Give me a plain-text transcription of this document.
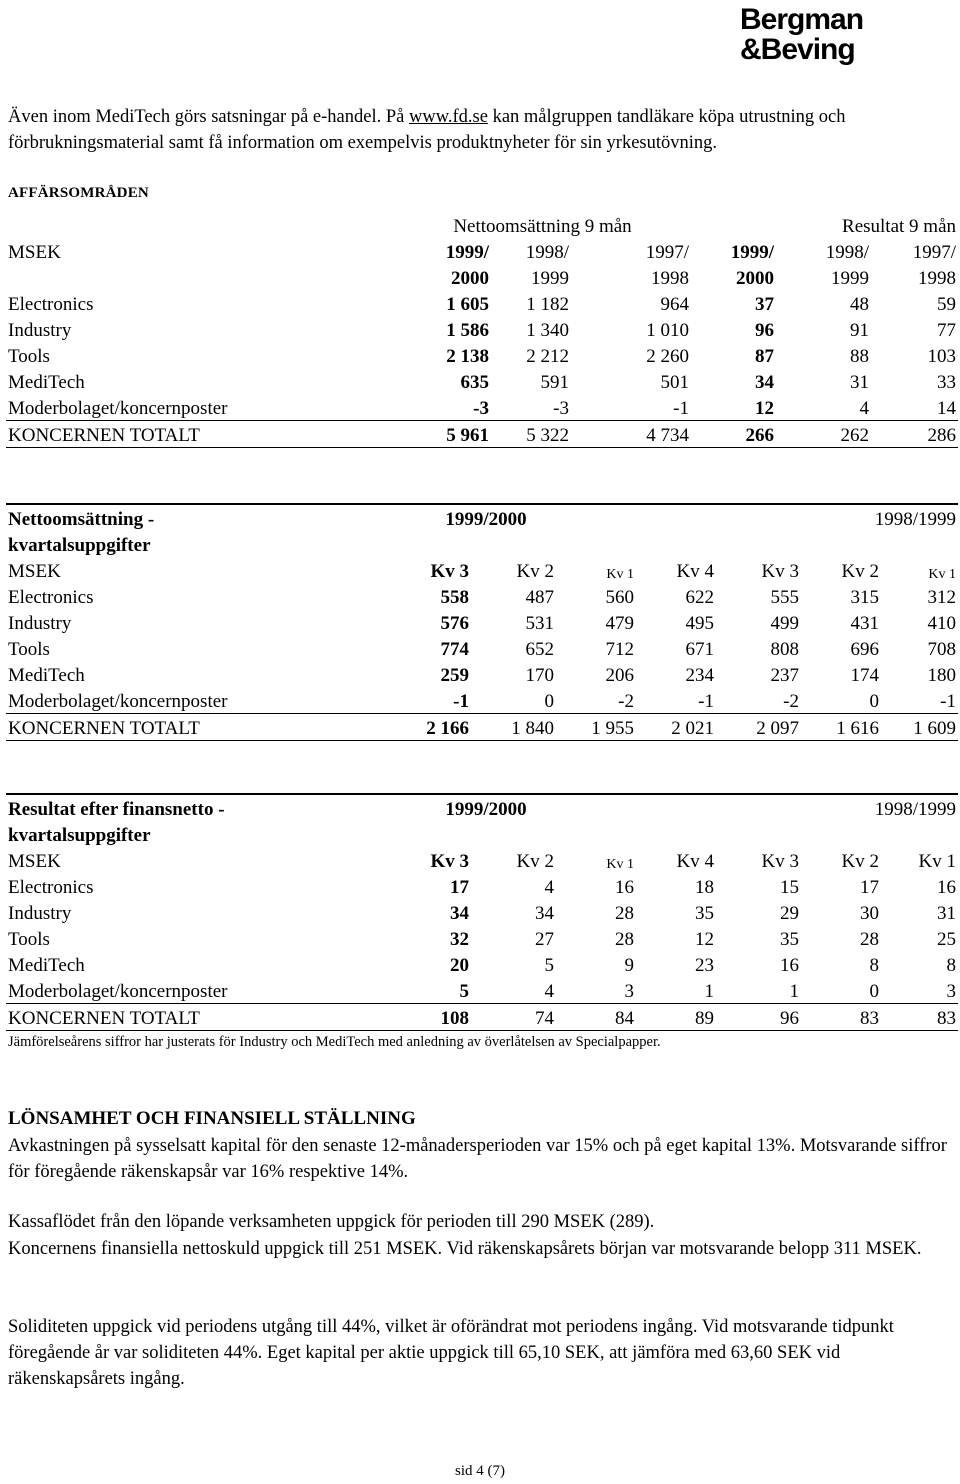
Bergman
&Beving
Även inom MediTech görs satsningar på e-handel. På www.fd.se kan målgruppen tandläkare köpa utrustning och förbrukningsmaterial samt få information om exempelvis produktnyheter för sin yrkesutövning.
AFFÄRSOMRÅDEN
	Nettoomsättning 9 mån			Resultat 9 mån		
MSEK	1999/	1998/	1997/	1999/	1998/	1997/
	2000	1999	1998	2000	1999	1998
Electronics	1 605	1 182	964	37	48	59
Industry	1 586	1 340	1 010	96	91	77
Tools	2 138	2 212	2 260	87	88	103
MediTech	635	591	501	34	31	33
Moderbolaget/koncernposter	-3	-3	-1	12	4	14
KONCERNEN TOTALT	5 961	5 322	4 734	266	262	286
Nettoomsättning -	1999/2000					1998/1999	
kvartalsuppgifter							
MSEK	Kv 3	Kv 2	Kv 1	Kv 4	Kv 3	Kv 2	Kv 1
Electronics	558	487	560	622	555	315	312
Industry	576	531	479	495	499	431	410
Tools	774	652	712	671	808	696	708
MediTech	259	170	206	234	237	174	180
Moderbolaget/koncernposter	-1	0	-2	-1	-2	0	-1
KONCERNEN TOTALT	2 166	1 840	1 955	2 021	2 097	1 616	1 609
Resultat efter finansnetto -	1999/2000					1998/1999	
kvartalsuppgifter							
MSEK	Kv 3	Kv 2	Kv 1	Kv 4	Kv 3	Kv 2	Kv 1
Electronics	17	4	16	18	15	17	16
Industry	34	34	28	35	29	30	31
Tools	32	27	28	12	35	28	25
MediTech	20	5	9	23	16	8	8
Moderbolaget/koncernposter	5	4	3	1	1	0	3
KONCERNEN TOTALT	108	74	84	89	96	83	83
Jämförelseårens siffror har justerats för Industry och MediTech med anledning av överlåtelsen av Specialpapper.
LÖNSAMHET OCH FINANSIELL STÄLLNING
Avkastningen på sysselsatt kapital för den senaste 12-månadersperioden var 15% och på eget kapital 13%. Motsvarande siffror för föregående räkenskapsår var 16% respektive 14%.
Kassaflödet från den löpande verksamheten uppgick för perioden till 290 MSEK (289).
Koncernens finansiella nettoskuld uppgick till 251 MSEK. Vid räkenskapsårets början var motsvarande belopp 311 MSEK.
Soliditeten uppgick vid periodens utgång till 44%, vilket är oförändrat mot periodens ingång. Vid motsvarande tidpunkt föregående år var soliditeten 44%. Eget kapital per aktie uppgick till 65,10 SEK, att jämföra med 63,60 SEK vid räkenskapsårets ingång.
sid 4 (7)
